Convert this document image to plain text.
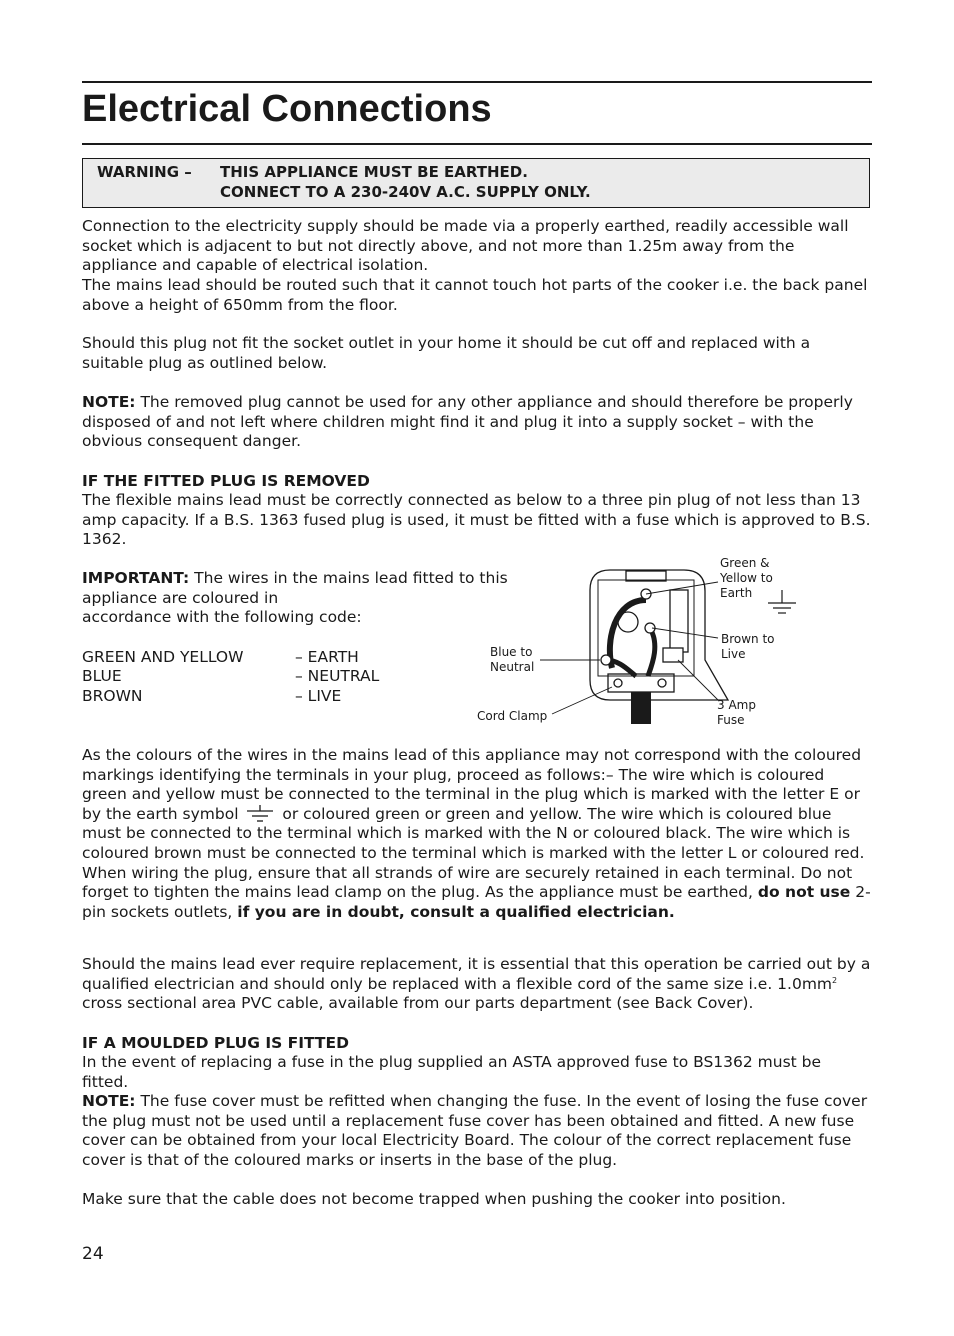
Electrical Connections
WARNING – THIS APPLIANCE MUST BE EARTHED.
CONNECT TO A 230-240V A.C. SUPPLY ONLY.

Connection to the electricity supply should be made via a properly earthed, readily accessible wall socket which is adjacent to but not directly above, and not more than 1.25m away from the appliance and capable of electrical isolation.

The mains lead should be routed such that it cannot touch hot parts of the cooker i.e. the back panel above a height of 650mm from the floor.

Should this plug not fit the socket outlet in your home it should be cut off and replaced with a suitable plug as outlined below.

NOTE: The removed plug cannot be used for any other appliance and should therefore be properly disposed of and not left where children might find it and plug it into a supply socket – with the obvious consequent danger.

IF THE FITTED PLUG IS REMOVED

The flexible mains lead must be correctly connected as below to a three pin plug of not less than 13 amp capacity. If a B.S. 1363 fused plug is used, it must be fitted with a fuse which is approved to B.S. 1362.

IMPORTANT: The wires in the mains lead fitted to this appliance are coloured in
accordance with the following code:

GREEN AND YELLOW	– EARTH
BLUE	– NEUTRAL
BROWN	– LIVE
Green & Yellow to Earth
Blue to Neutral
Brown to Live
Cord Clamp
3 Amp Fuse

As the colours of the wires in the mains lead of this appliance may not correspond with the coloured markings identifying the terminals in your plug, proceed as follows:– The wire which is coloured green and yellow must be connected to the terminal in the plug which is marked with the letter E or by the earth symbol	or coloured green or green and yellow. The wire which is coloured blue must be connected to the terminal which is marked with the N or coloured black. The wire which is coloured brown must be connected to the terminal which is marked with the letter L or coloured red. When wiring the plug, ensure that all strands of wire are securely retained in each terminal. Do not forget to tighten the mains lead clamp on the plug. As the appliance must be earthed, do not use 2-pin sockets outlets, if you are in doubt, consult a qualified electrician.

Should the mains lead ever require replacement, it is essential that this operation be carried out by a qualified electrician and should only be replaced with a flexible cord of the same size i.e. $1.0mm^2$ cross sectional area PVC cable, available from our parts department (see Back Cover).

IF A MOULDED PLUG IS FITTED

In the event of replacing a fuse in the plug supplied an ASTA approved fuse to BS1362 must be fitted.

NOTE: The fuse cover must be refitted when changing the fuse. In the event of losing the fuse cover the plug must not be used until a replacement fuse cover has been obtained and fitted. A new fuse cover can be obtained from your local Electricity Board. The colour of the correct replacement fuse cover is that of the coloured marks or inserts in the base of the plug.

Make sure that the cable does not become trapped when pushing the cooker into position.

24
